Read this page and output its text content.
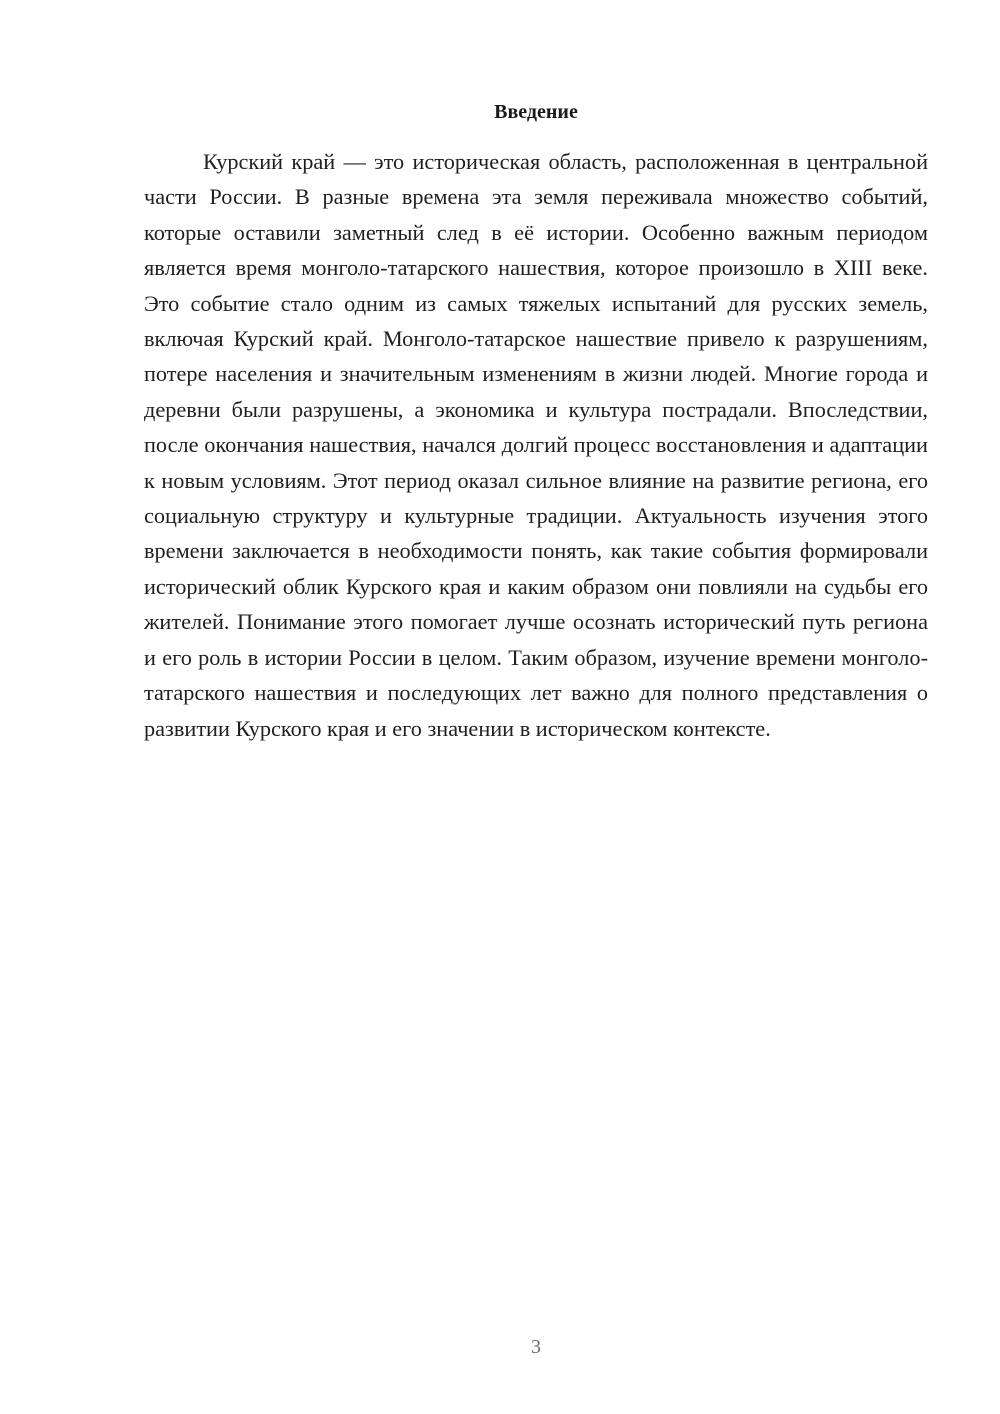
Введение

Курский край — это историческая область, расположенная в центральной части России. В разные времена эта земля переживала множество событий, которые оставили заметный след в её истории. Особенно важным периодом является время монголо-татарского нашествия, которое произошло в XIII веке. Это событие стало одним из самых тяжелых испытаний для русских земель, включая Курский край. Монголо-татарское нашествие привело к разрушениям, потере населения и значительным изменениям в жизни людей. Многие города и деревни были разрушены, а экономика и культура пострадали. Впоследствии, после окончания нашествия, начался долгий процесс восстановления и адаптации к новым условиям. Этот период оказал сильное влияние на развитие региона, его социальную структуру и культурные традиции. Актуальность изучения этого времени заключается в необходимости понять, как такие события формировали исторический облик Курского края и каким образом они повлияли на судьбы его жителей. Понимание этого помогает лучше осознать исторический путь региона и его роль в истории России в целом. Таким образом, изучение времени монголо-татарского нашествия и последующих лет важно для полного представления о развитии Курского края и его значении в историческом контексте.

3
